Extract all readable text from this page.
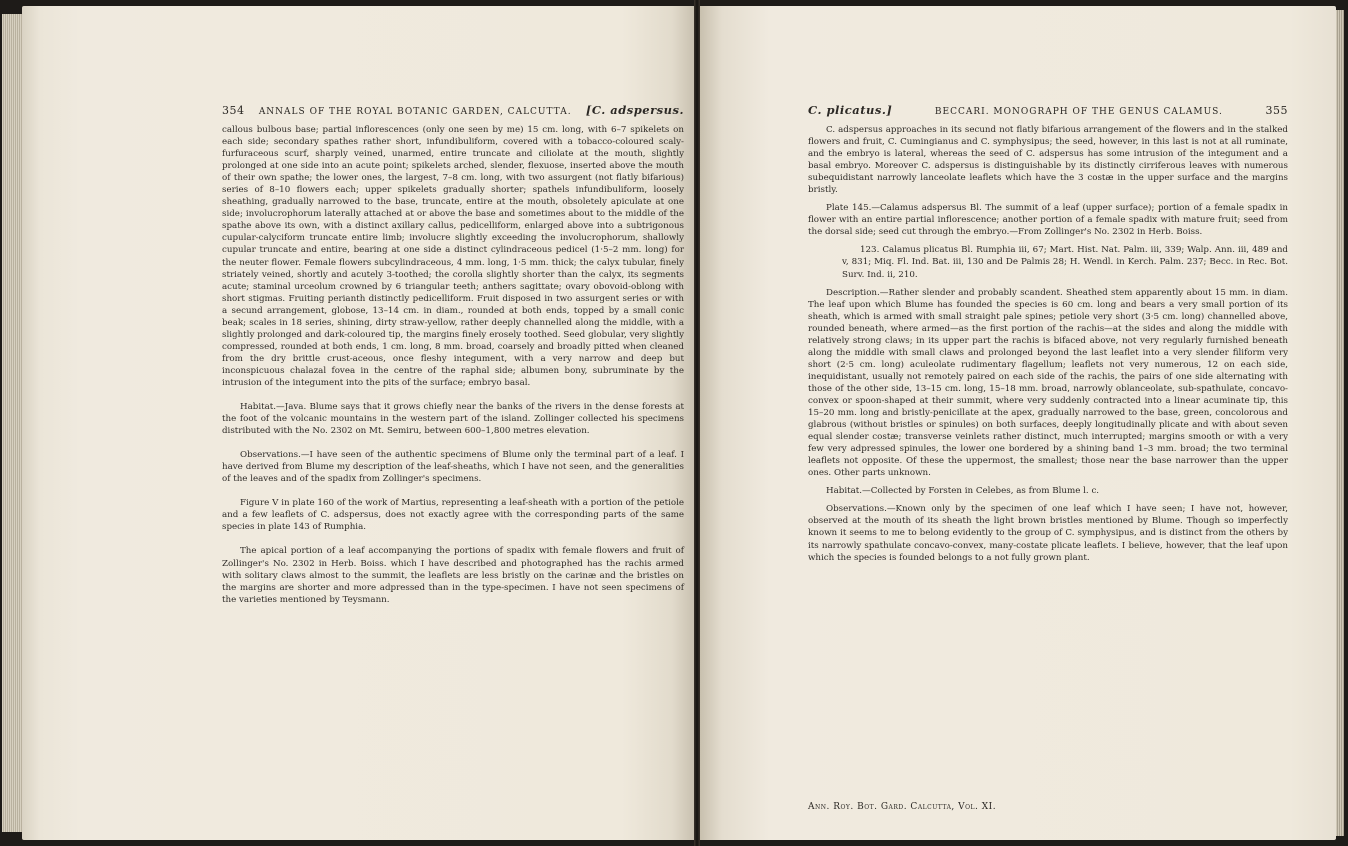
354 ANNALS OF THE ROYAL BOTANIC GARDEN, CALCUTTA. [C. adspersus.

callous bulbous base; partial inflorescences (only one seen by me) 15 cm. long, with 6–7 spikelets on each side; secondary spathes rather short, infundibuliform, covered with a tobacco-coloured scaly-furfuraceous scurf, sharply veined, unarmed, entire truncate and ciliolate at the mouth, slightly prolonged at one side into an acute point; spikelets arched, slender, flexuose, inserted above the mouth of their own spathe; the lower ones, the largest, 7–8 cm. long, with two assurgent (not flatly bifarious) series of 8–10 flowers each; upper spikelets gradually shorter; spathels infundibuliform, loosely sheathing, gradually narrowed to the base, truncate, entire at the mouth, obsoletely apiculate at one side; involucrophorum laterally attached at or above the base and sometimes about to the middle of the spathe above its own, with a distinct axillary callus, pedicelliform, enlarged above into a subtrigonous cupular-calyciform truncate entire limb; involucre slightly exceeding the involucrophorum, shallowly cupular truncate and entire, bearing at one side a distinct cylindraceous pedicel (1·5–2 mm. long) for the neuter flower. Female flowers subcylindraceous, 4 mm. long, 1·5 mm. thick; the calyx tubular, finely striately veined, shortly and acutely 3-toothed; the corolla slightly shorter than the calyx, its segments acute; staminal urceolum crowned by 6 triangular teeth; anthers sagittate; ovary obovoid-oblong with short stigmas. Fruiting perianth distinctly pedicelliform. Fruit disposed in two assurgent series or with a secund arrangement, globose, 13–14 cm. in diam., rounded at both ends, topped by a small conic beak; scales in 18 series, shining, dirty straw-yellow, rather deeply channelled along the middle, with a slightly prolonged and dark-coloured tip, the margins finely erosely toothed. Seed globular, very slightly compressed, rounded at both ends, 1 cm. long, 8 mm. broad, coarsely and broadly pitted when cleaned from the dry brittle crust-aceous, once fleshy integument, with a very narrow and deep but inconspicuous chalazal fovea in the centre of the raphal side; albumen bony, subruminate by the intrusion of the integument into the pits of the surface; embryo basal.

Habitat.—Java. Blume says that it grows chiefly near the banks of the rivers in the dense forests at the foot of the volcanic mountains in the western part of the island. Zollinger collected his specimens distributed with the No. 2302 on Mt. Semiru, between 600–1,800 metres elevation.

Observations.—I have seen of the authentic specimens of Blume only the terminal part of a leaf. I have derived from Blume my description of the leaf-sheaths, which I have not seen, and the generalities of the leaves and of the spadix from Zollinger's specimens.

Figure V in plate 160 of the work of Martius, representing a leaf-sheath with a portion of the petiole and a few leaflets of C. adspersus, does not exactly agree with the corresponding parts of the same species in plate 143 of Rumphia.

The apical portion of a leaf accompanying the portions of spadix with female flowers and fruit of Zollinger's No. 2302 in Herb. Boiss. which I have described and photographed has the rachis armed with solitary claws almost to the summit, the leaflets are less bristly on the carinæ and the bristles on the margins are shorter and more adpressed than in the type-specimen. I have not seen specimens of the varieties mentioned by Teysmann.

C. plicatus.]	BECCARI. MONOGRAPH OF THE GENUS CALAMUS.	355

C. adspersus approaches in its secund not flatly bifarious arrangement of the flowers and in the stalked flowers and fruit, C. Cumingianus and C. symphysipus; the seed, however, in this last is not at all ruminate, and the embryo is lateral, whereas the seed of C. adspersus has some intrusion of the integument and a basal embryo. Moreover C. adspersus is distinguishable by its distinctly cirriferous leaves with numerous subequidistant narrowly lanceolate leaflets which have the 3 costæ in the upper surface and the margins bristly.

Plate 145.—Calamus adspersus Bl. The summit of a leaf (upper surface); portion of a female spadix in flower with an entire partial inflorescence; another portion of a female spadix with mature fruit; seed from the dorsal side; seed cut through the embryo.—From Zollinger's No. 2302 in Herb. Boiss.

123. Calamus plicatus Bl. Rumphia iii, 67; Mart. Hist. Nat. Palm. iii, 339; Walp. Ann. iii, 489 and v, 831; Miq. Fl. Ind. Bat. iii, 130 and De Palmis 28; H. Wendl. in Kerch. Palm. 237; Becc. in Rec. Bot. Surv. Ind. ii, 210.

Description.—Rather slender and probably scandent. Sheathed stem apparently about 15 mm. in diam. The leaf upon which Blume has founded the species is 60 cm. long and bears a very small portion of its sheath, which is armed with small straight pale spines; petiole very short (3·5 cm. long) channelled above, rounded beneath, where armed—as the first portion of the rachis—at the sides and along the middle with relatively strong claws; in its upper part the rachis is bifaced above, not very regularly furnished beneath along the middle with small claws and prolonged beyond the last leaflet into a very slender filiform very short (2·5 cm. long) aculeolate rudimentary flagellum; leaflets not very numerous, 12 on each side, inequidistant, usually not remotely paired on each side of the rachis, the pairs of one side alternating with those of the other side, 13–15 cm. long, 15–18 mm. broad, narrowly oblanceolate, sub-spathulate, concavo-convex or spoon-shaped at their summit, where very suddenly contracted into a linear acuminate tip, this 15–20 mm. long and bristly-penicillate at the apex, gradually narrowed to the base, green, concolorous and glabrous (without bristles or spinules) on both surfaces, deeply longitudinally plicate and with about seven equal slender costæ; transverse veinlets rather distinct, much interrupted; margins smooth or with a very few very adpressed spinules, the lower one bordered by a shining band 1–3 mm. broad; the two terminal leaflets not opposite. Of these the uppermost, the smallest; those near the base narrower than the upper ones. Other parts unknown.

Habitat.—Collected by Forsten in Celebes, as from Blume l. c.

Observations.—Known only by the specimen of one leaf which I have seen; I have not, however, observed at the mouth of its sheath the light brown bristles mentioned by Blume. Though so imperfectly known it seems to me to belong evidently to the group of C. symphysipus, and is distinct from the others by its narrowly spathulate concavo-convex, many-costate plicate leaflets. I believe, however, that the leaf upon which the species is founded belongs to a not fully grown plant.

Ann. Roy. Bot. Gard. Calcutta, Vol. XI.
